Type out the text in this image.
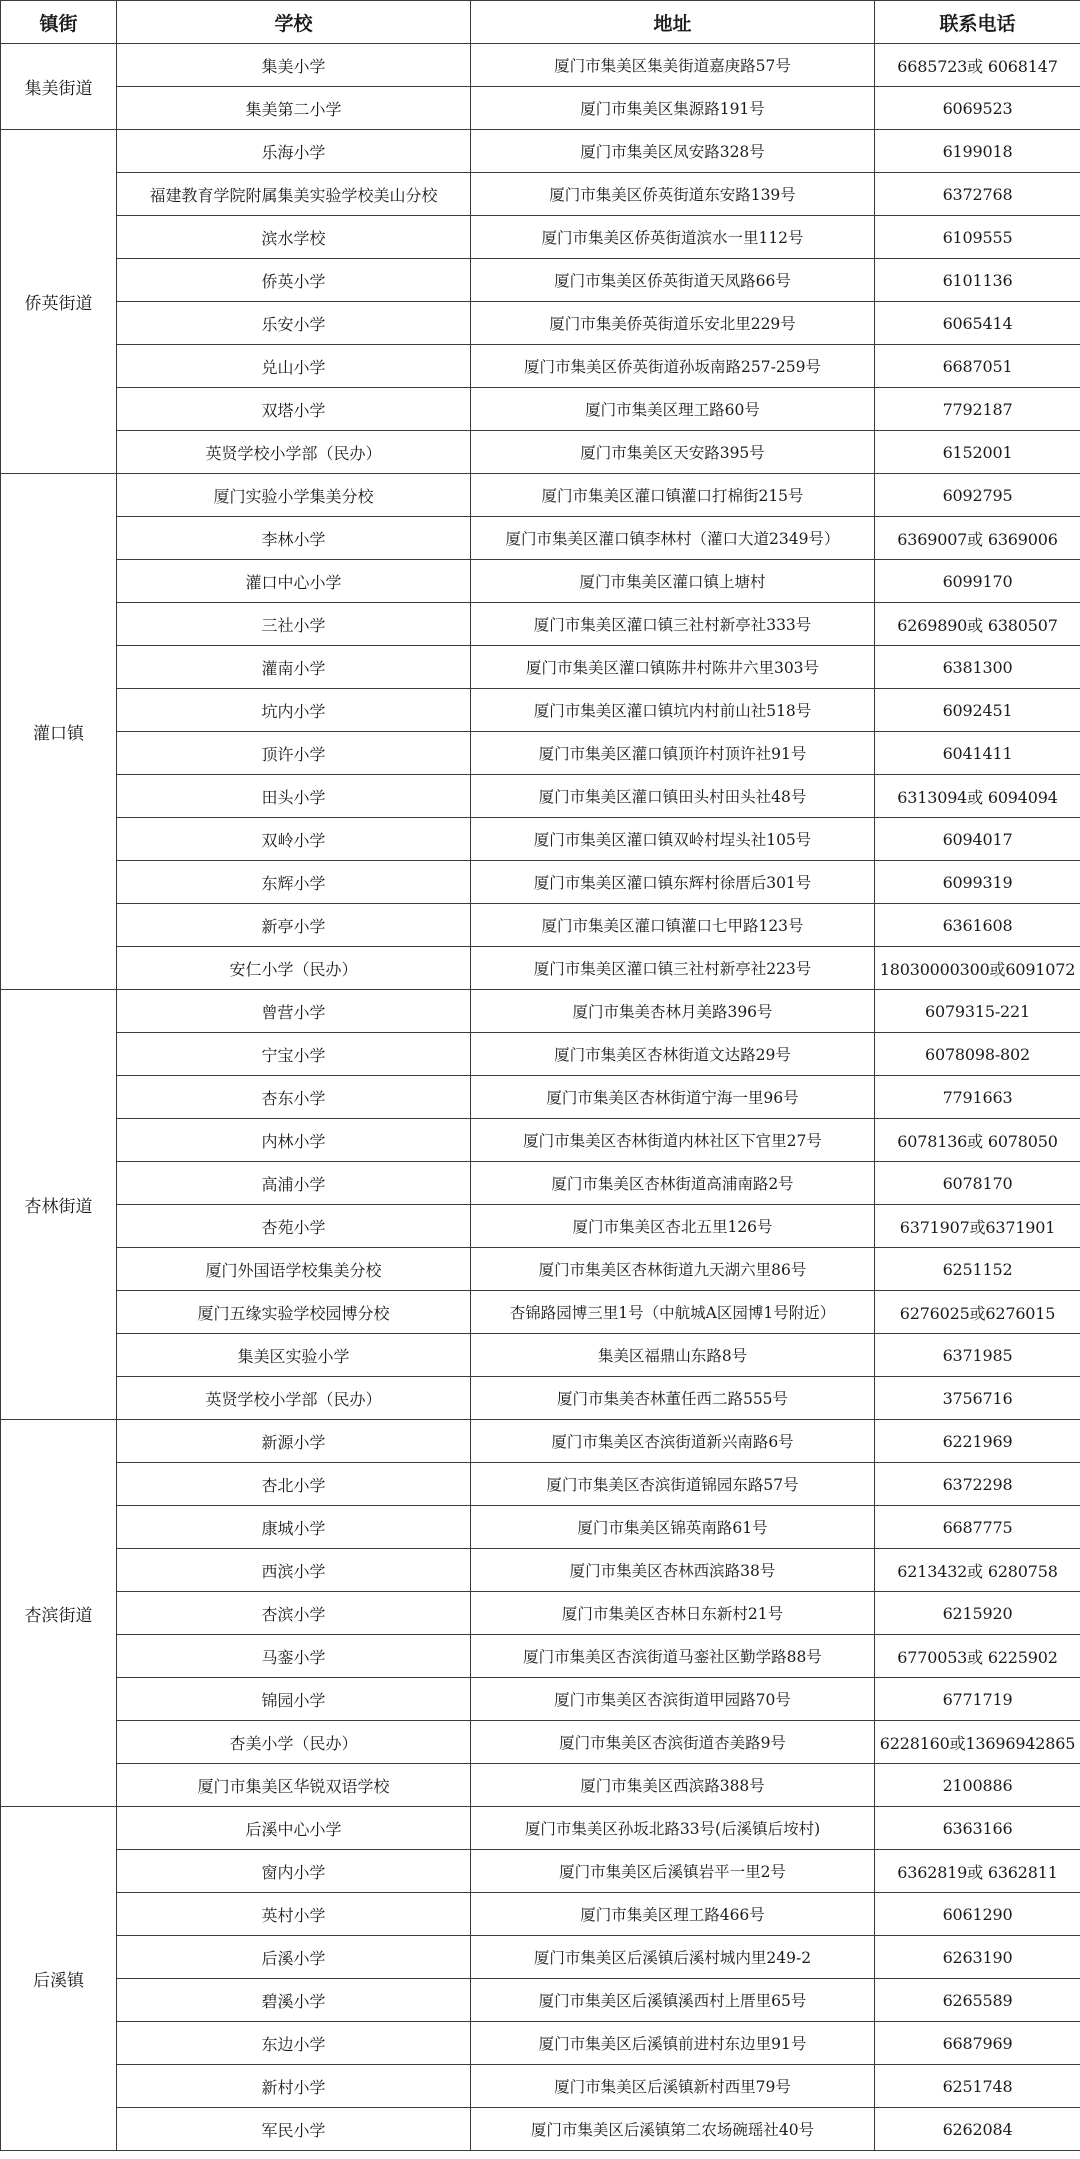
镇街	学校	地址	联系电话
集美街道	集美小学	厦门市集美区集美街道嘉庚路57号	6685723或 6068147
	集美第二小学	厦门市集美区集源路191号	6069523
侨英街道	乐海小学	厦门市集美区凤安路328号	6199018
	福建教育学院附属集美实验学校美山分校	厦门市集美区侨英街道东安路139号	6372768
	滨水学校	厦门市集美区侨英街道滨水一里112号	6109555
	侨英小学	厦门市集美区侨英街道天凤路66号	6101136
	乐安小学	厦门市集美侨英街道乐安北里229号	6065414
	兑山小学	厦门市集美区侨英街道孙坂南路257-259号	6687051
	双塔小学	厦门市集美区理工路60号	7792187
	英贤学校小学部（民办）	厦门市集美区天安路395号	6152001
灌口镇	厦门实验小学集美分校	厦门市集美区灌口镇灌口打棉街215号	6092795
	李林小学	厦门市集美区灌口镇李林村（灌口大道2349号）	6369007或 6369006
	灌口中心小学	厦门市集美区灌口镇上塘村	6099170
	三社小学	厦门市集美区灌口镇三社村新亭社333号	6269890或 6380507
	灌南小学	厦门市集美区灌口镇陈井村陈井六里303号	6381300
	坑内小学	厦门市集美区灌口镇坑内村前山社518号	6092451
	顶许小学	厦门市集美区灌口镇顶许村顶许社91号	6041411
	田头小学	厦门市集美区灌口镇田头村田头社48号	6313094或 6094094
	双岭小学	厦门市集美区灌口镇双岭村埕头社105号	6094017
	东辉小学	厦门市集美区灌口镇东辉村徐厝后301号	6099319
	新亭小学	厦门市集美区灌口镇灌口七甲路123号	6361608
	安仁小学（民办）	厦门市集美区灌口镇三社村新亭社223号	18030000300或6091072
杏林街道	曾营小学	厦门市集美杏林月美路396号	6079315-221
	宁宝小学	厦门市集美区杏林街道文达路29号	6078098-802
	杏东小学	厦门市集美区杏林街道宁海一里96号	7791663
	内林小学	厦门市集美区杏林街道内林社区下官里27号	6078136或 6078050
	高浦小学	厦门市集美区杏林街道高浦南路2号	6078170
	杏苑小学	厦门市集美区杏北五里126号	6371907或6371901
	厦门外国语学校集美分校	厦门市集美区杏林街道九天湖六里86号	6251152
	厦门五缘实验学校园博分校	杏锦路园博三里1号（中航城A区园博1号附近）	6276025或6276015
	集美区实验小学	集美区福鼎山东路8号	6371985
	英贤学校小学部（民办）	厦门市集美杏林董任西二路555号	3756716
杏滨街道	新源小学	厦门市集美区杏滨街道新兴南路6号	6221969
	杏北小学	厦门市集美区杏滨街道锦园东路57号	6372298
	康城小学	厦门市集美区锦英南路61号	6687775
	西滨小学	厦门市集美区杏林西滨路38号	6213432或 6280758
	杏滨小学	厦门市集美区杏林日东新村21号	6215920
	马銮小学	厦门市集美区杏滨街道马銮社区勤学路88号	6770053或 6225902
	锦园小学	厦门市集美区杏滨街道甲园路70号	6771719
	杏美小学（民办）	厦门市集美区杏滨街道杏美路9号	6228160或13696942865
	厦门市集美区华锐双语学校	厦门市集美区西滨路388号	2100886
后溪镇	后溪中心小学	厦门市集美区孙坂北路33号(后溪镇后垵村)	6363166
	窗内小学	厦门市集美区后溪镇岩平一里2号	6362819或 6362811
	英村小学	厦门市集美区理工路466号	6061290
	后溪小学	厦门市集美区后溪镇后溪村城内里249-2	6263190
	碧溪小学	厦门市集美区后溪镇溪西村上厝里65号	6265589
	东边小学	厦门市集美区后溪镇前进村东边里91号	6687969
	新村小学	厦门市集美区后溪镇新村西里79号	6251748
	军民小学	厦门市集美区后溪镇第二农场碗瑶社40号	6262084
